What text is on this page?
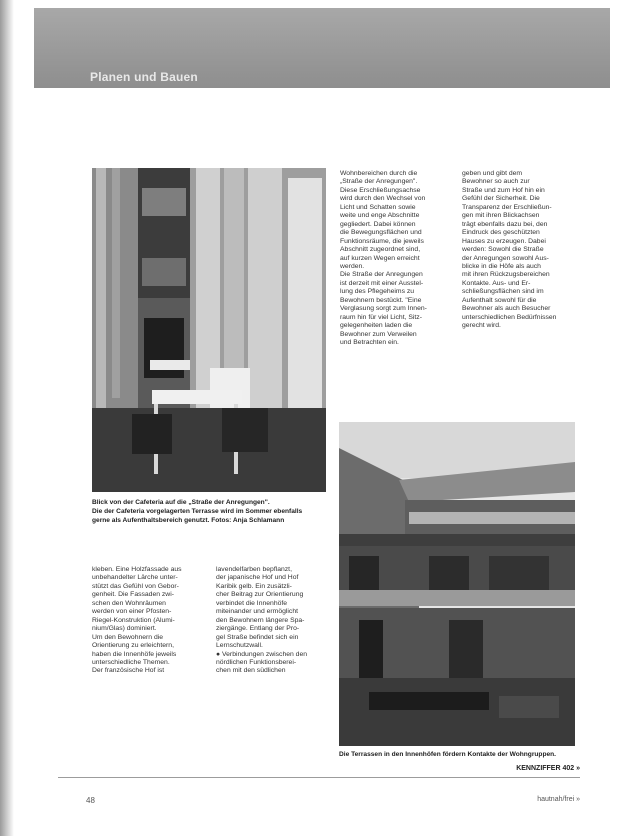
Planen und Bauen
Blick von der Cafeteria auf die „Straße der Anregungen".
Die der Cafeteria vorgelagerten Terrasse wird im Sommer ebenfalls
gerne als Aufenthaltsbereich genutzt. Fotos: Anja Schlamann
Die Terrassen in den Innenhöfen fördern Kontakte der Wohngruppen.

kleben. Eine Holzfassade aus

unbehandelter Lärche unter-

stützt das Gefühl von Gebor-

genheit. Die Fassaden zwi-

schen den Wohnräumen

werden von einer Pfosten-

Riegel-Konstruktion (Alumi-

nium/Glas) dominiert.

Um den Bewohnern die

Orientierung zu erleichtern,

haben die Innenhöfe jeweils

unterschiedliche Themen.

Der französische Hof ist

lavendelfarben bepflanzt,

der japanische Hof und Hof

Karibik gelb. Ein zusätzli-

cher Beitrag zur Orientierung

verbindet die Innenhöfe

miteinander und ermöglicht

den Bewohnern längere Spa-

ziergänge. Entlang der Pro-

gel Straße befindet sich ein

Lernschutzwall.

● Verbindungen zwischen den

nördlichen Funktionsberei-

chen mit den südlichen

Wohnbereichen durch die

„Straße der Anregungen".

Diese Erschließungsachse

wird durch den Wechsel von

Licht und Schatten sowie

weite und enge Abschnitte

gegliedert. Dabei können

die Bewegungsflächen und

Funktionsräume, die jeweils

Abschnitt zugeordnet sind,

auf kurzen Wegen erreicht

werden.

Die Straße der Anregungen

ist derzeit mit einer Ausstel-

lung des Pflegeheims zu

Bewohnern bestückt. "Eine

Verglasung sorgt zum Innen-

raum hin für viel Licht, Sitz-

gelegenheiten laden die

Bewohner zum Verweilen

und Betrachten ein.

geben und gibt dem

Bewohner so auch zur

Straße und zum Hof hin ein

Gefühl der Sicherheit. Die

Transparenz der Erschließun-

gen mit ihren Blickachsen

trägt ebenfalls dazu bei, den

Eindruck des geschützten

Hauses zu erzeugen. Dabei

werden: Sowohl die Straße

der Anregungen sowohl Aus-

blicke in die Höfe als auch

mit ihren Rückzugsbereichen

Kontakte. Aus- und Er-

schließungsflächen sind im

Aufenthalt sowohl für die

Bewohner als auch Besucher

unterschiedlichen Bedürfnissen

gerecht wird.

KENNZIFFER 402 »
48	hautnah/frei »
